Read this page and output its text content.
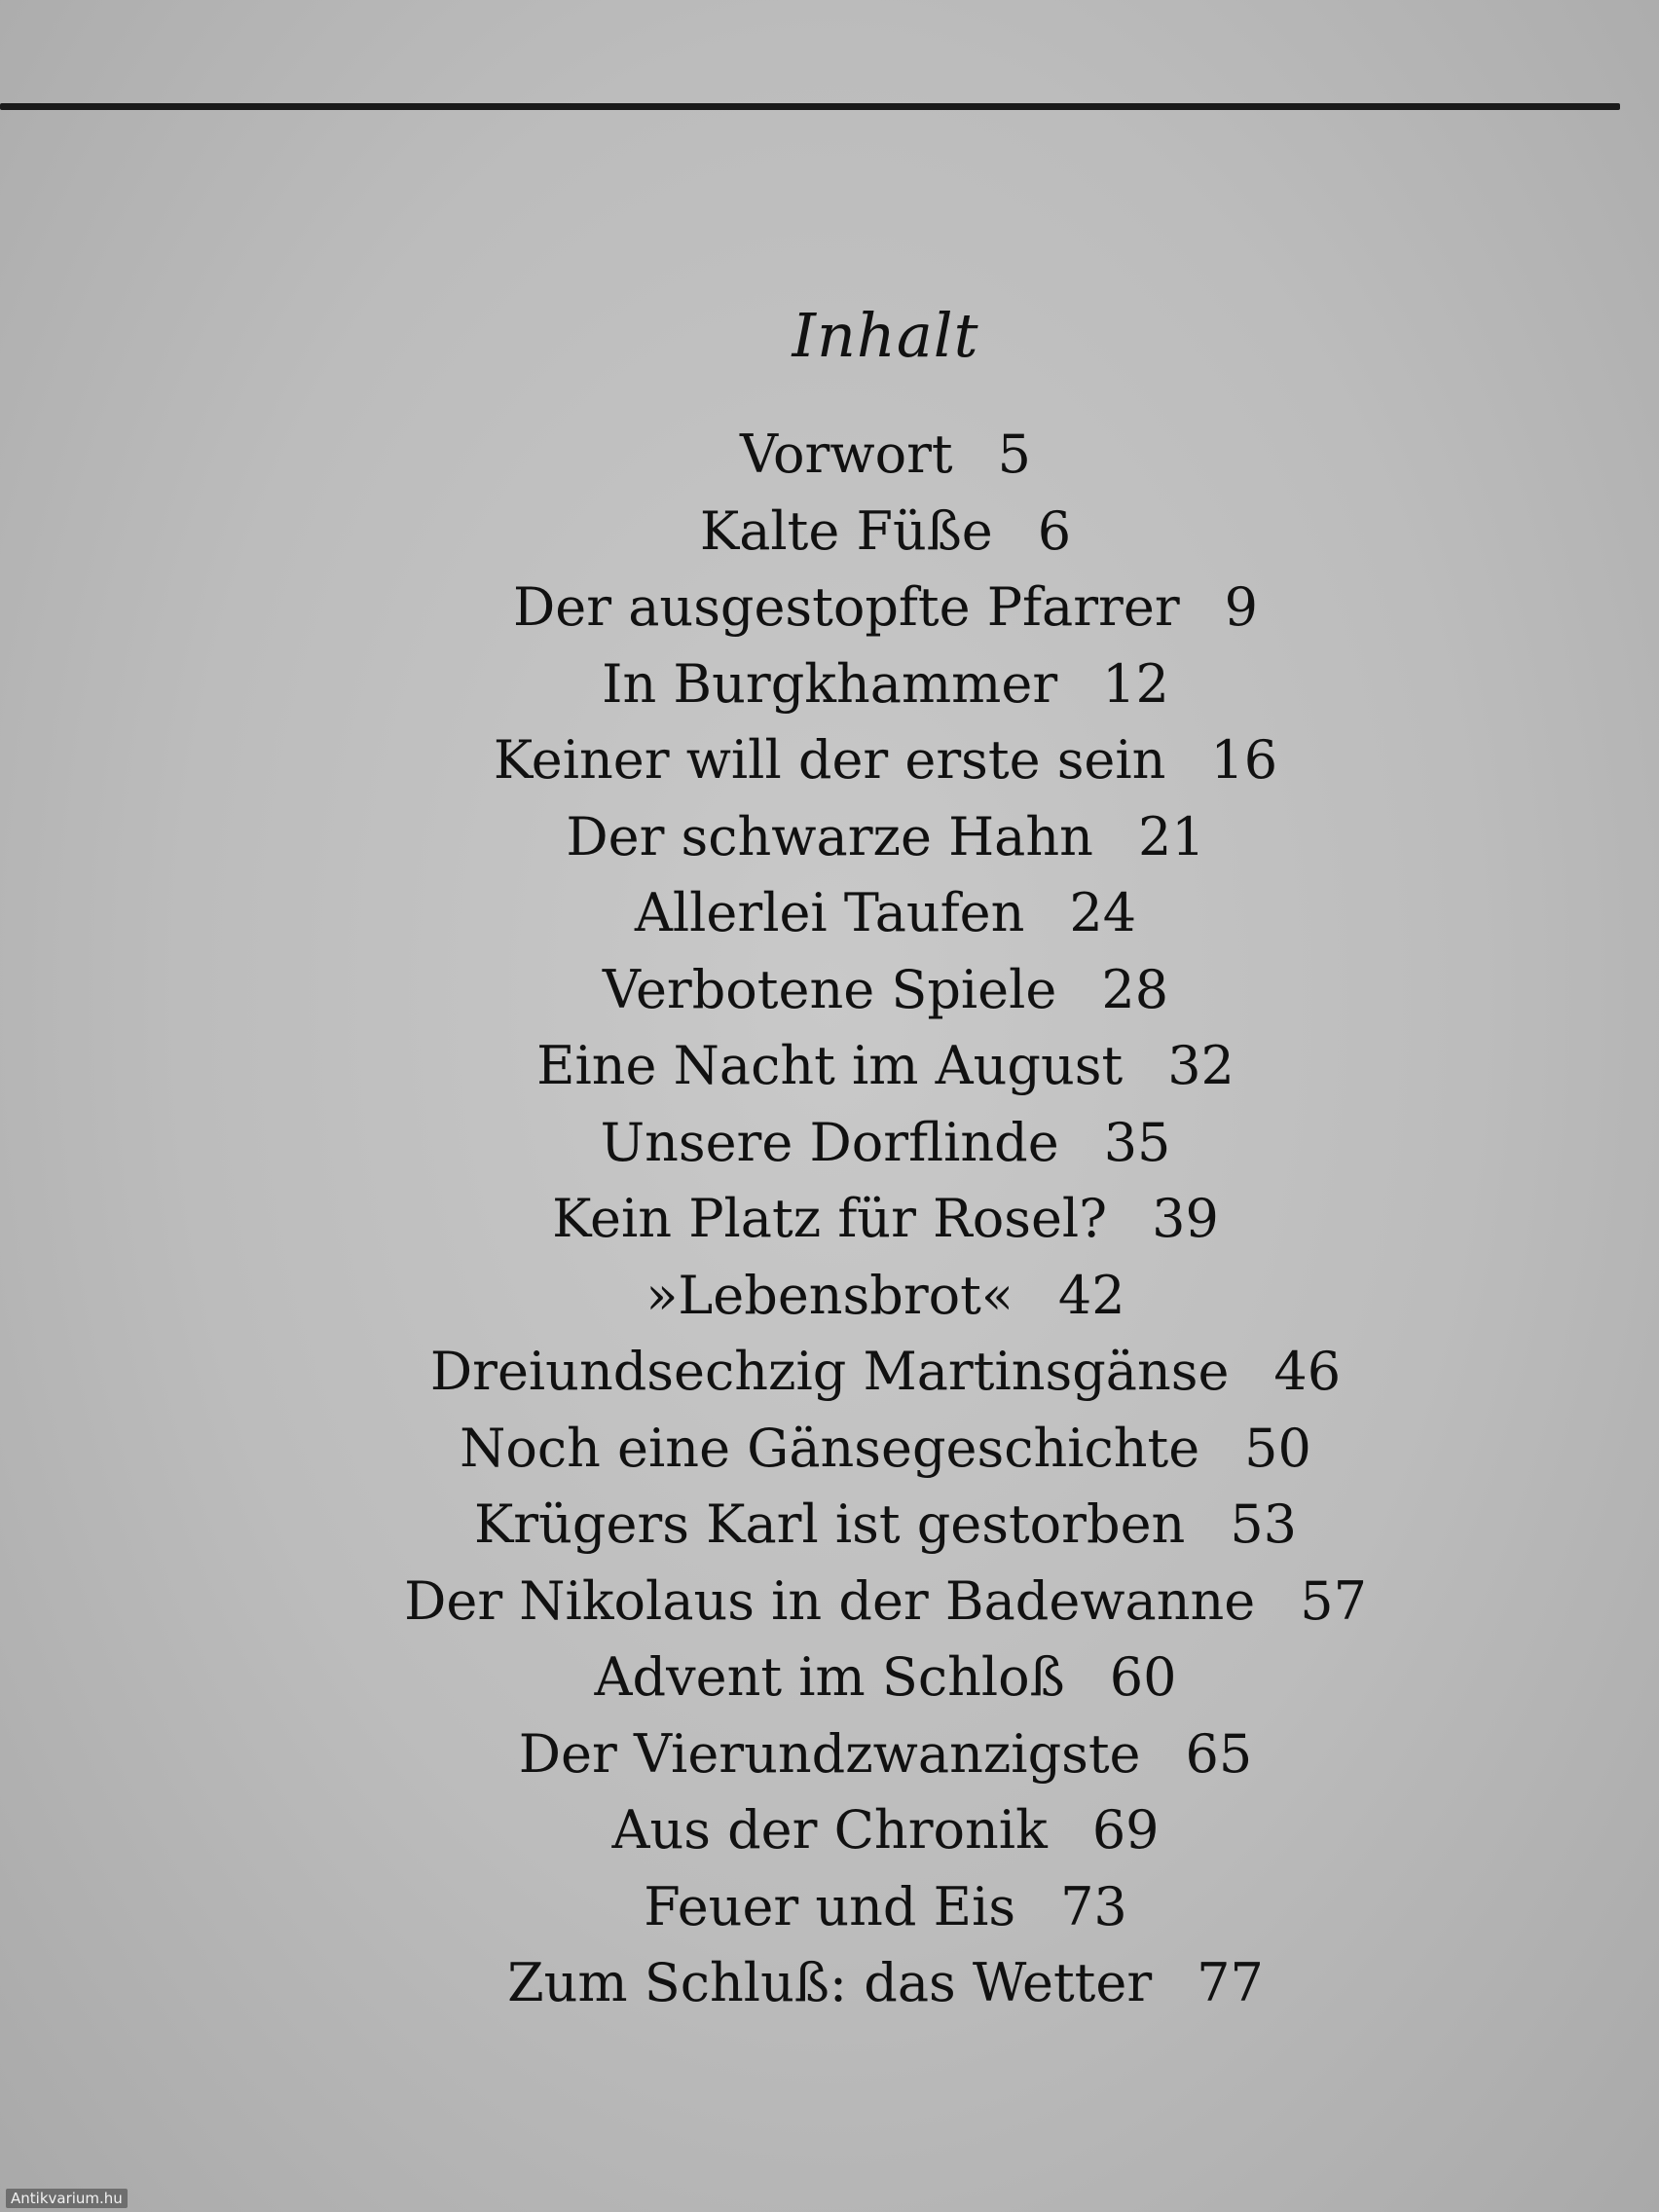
Inhalt
Vorwort 5
Kalte Füße 6
Der ausgestopfte Pfarrer 9
In Burgkhammer 12
Keiner will der erste sein 16
Der schwarze Hahn 21
Allerlei Taufen 24
Verbotene Spiele 28
Eine Nacht im August 32
Unsere Dorflinde 35
Kein Platz für Rosel? 39
»Lebensbrot« 42
Dreiundsechzig Martinsgänse 46
Noch eine Gänsegeschichte 50
Krügers Karl ist gestorben 53
Der Nikolaus in der Badewanne 57
Advent im Schloß 60
Der Vierundzwanzigste 65
Aus der Chronik 69
Feuer und Eis 73
Zum Schluß: das Wetter 77
Antikvarium.hu
